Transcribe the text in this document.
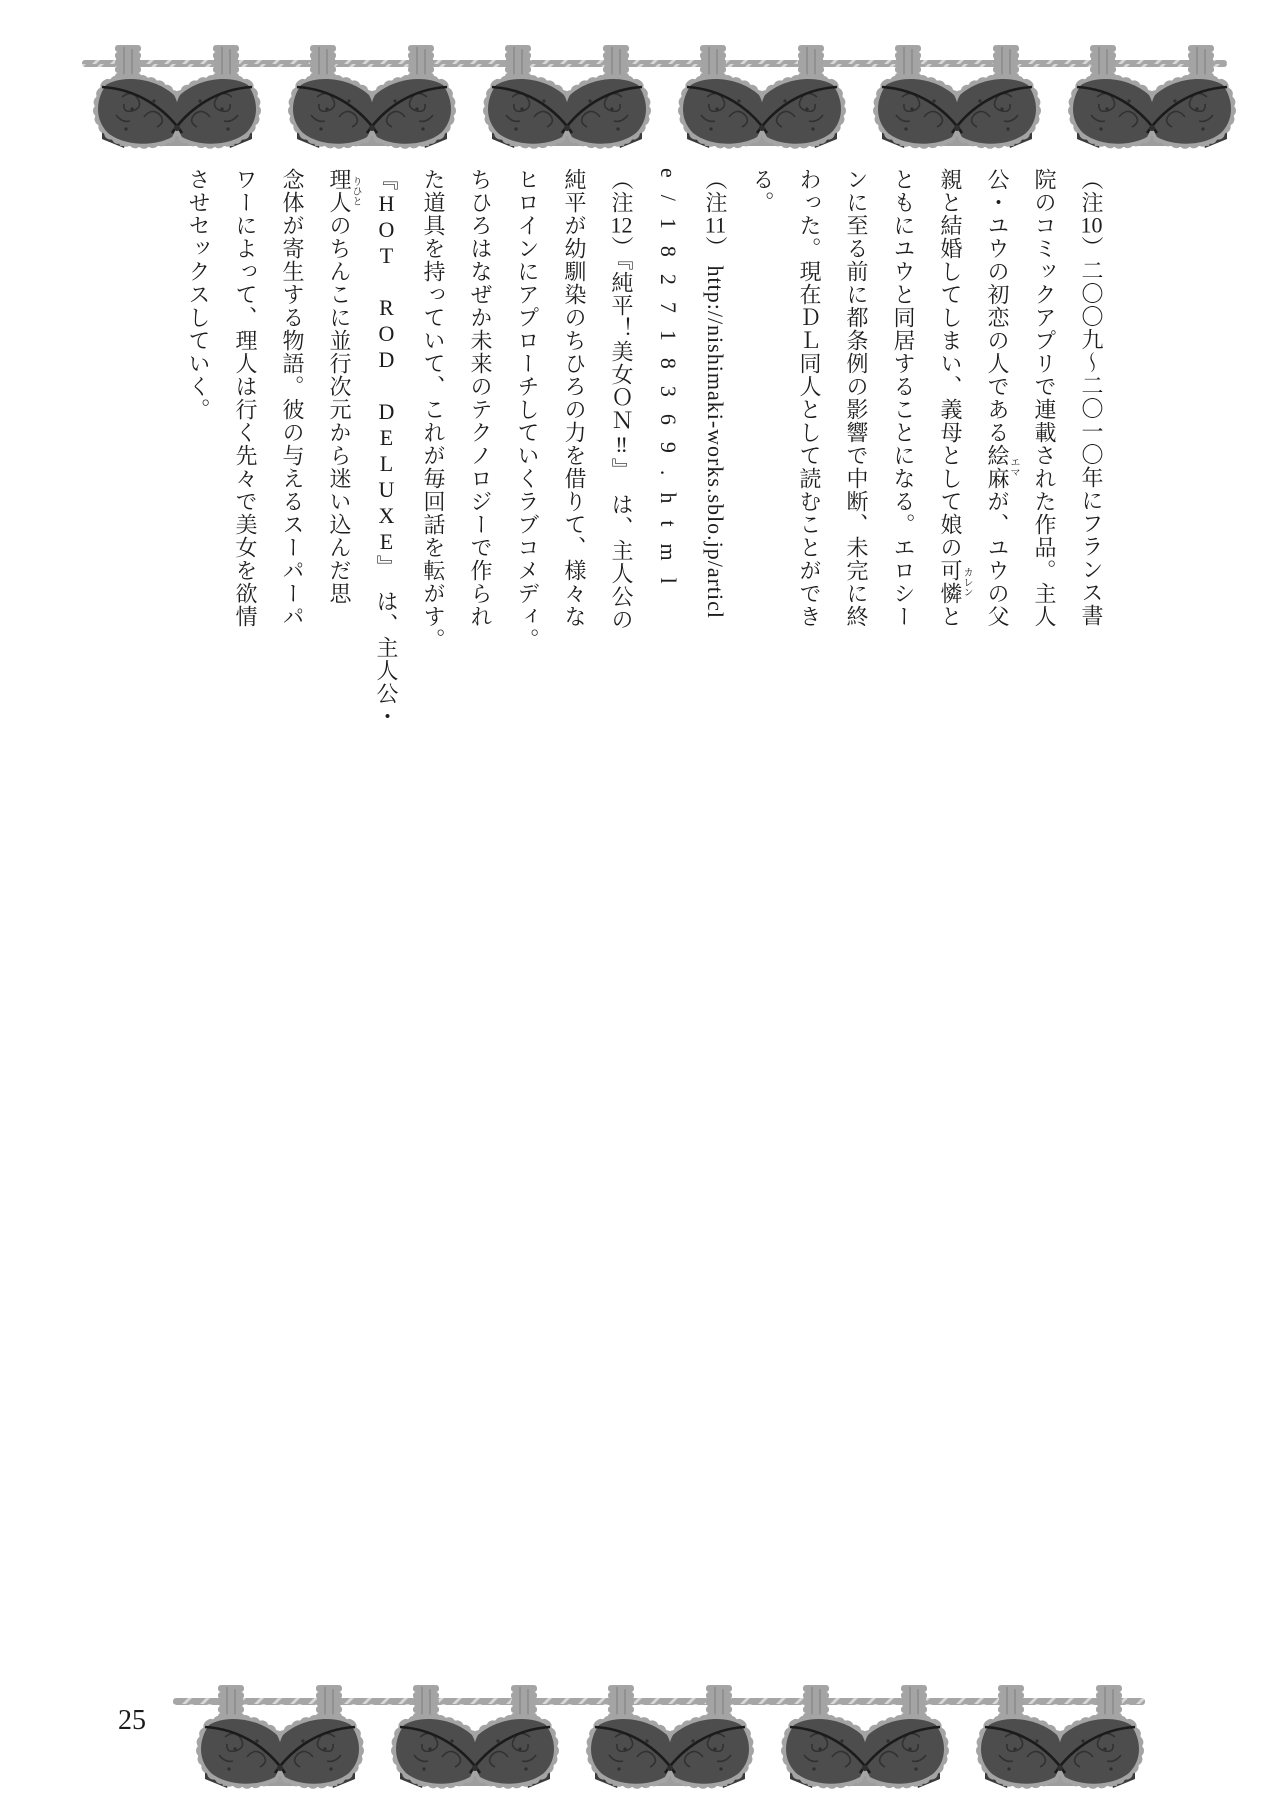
（注10）二〇〇九〜二〇一〇年にフランス書

院のコミックアプリで連載された作品。主人

公・ユウの初恋の人である絵麻エマが、ユウの父

親と結婚してしまい、義母として娘の可憐カレンと

ともにユウと同居することになる。エロシー

ンに至る前に都条例の影響で中断、未完に終

わった。現在ＤＬ同人として読むことができ

る。

（注11） http://nishimaki-works.sblo.jp/articl

e/182718369.html

（注12）『純平！美女ＯＮ‼』　は、主人公の

純平が幼馴染のちひろの力を借りて、様々な

ヒロインにアプローチしていくラブコメディ。

ちひろはなぜか未来のテクノロジーで作られ

た道具を持っていて、これが毎回話を転がす。

『HOT ROD DELUXE』　は、主人公・

理人りひとのちんこに並行次元から迷い込んだ思

念体が寄生する物語。彼の与えるスーパーパ

ワーによって、理人は行く先々で美女を欲情

させセックスしていく。

25
